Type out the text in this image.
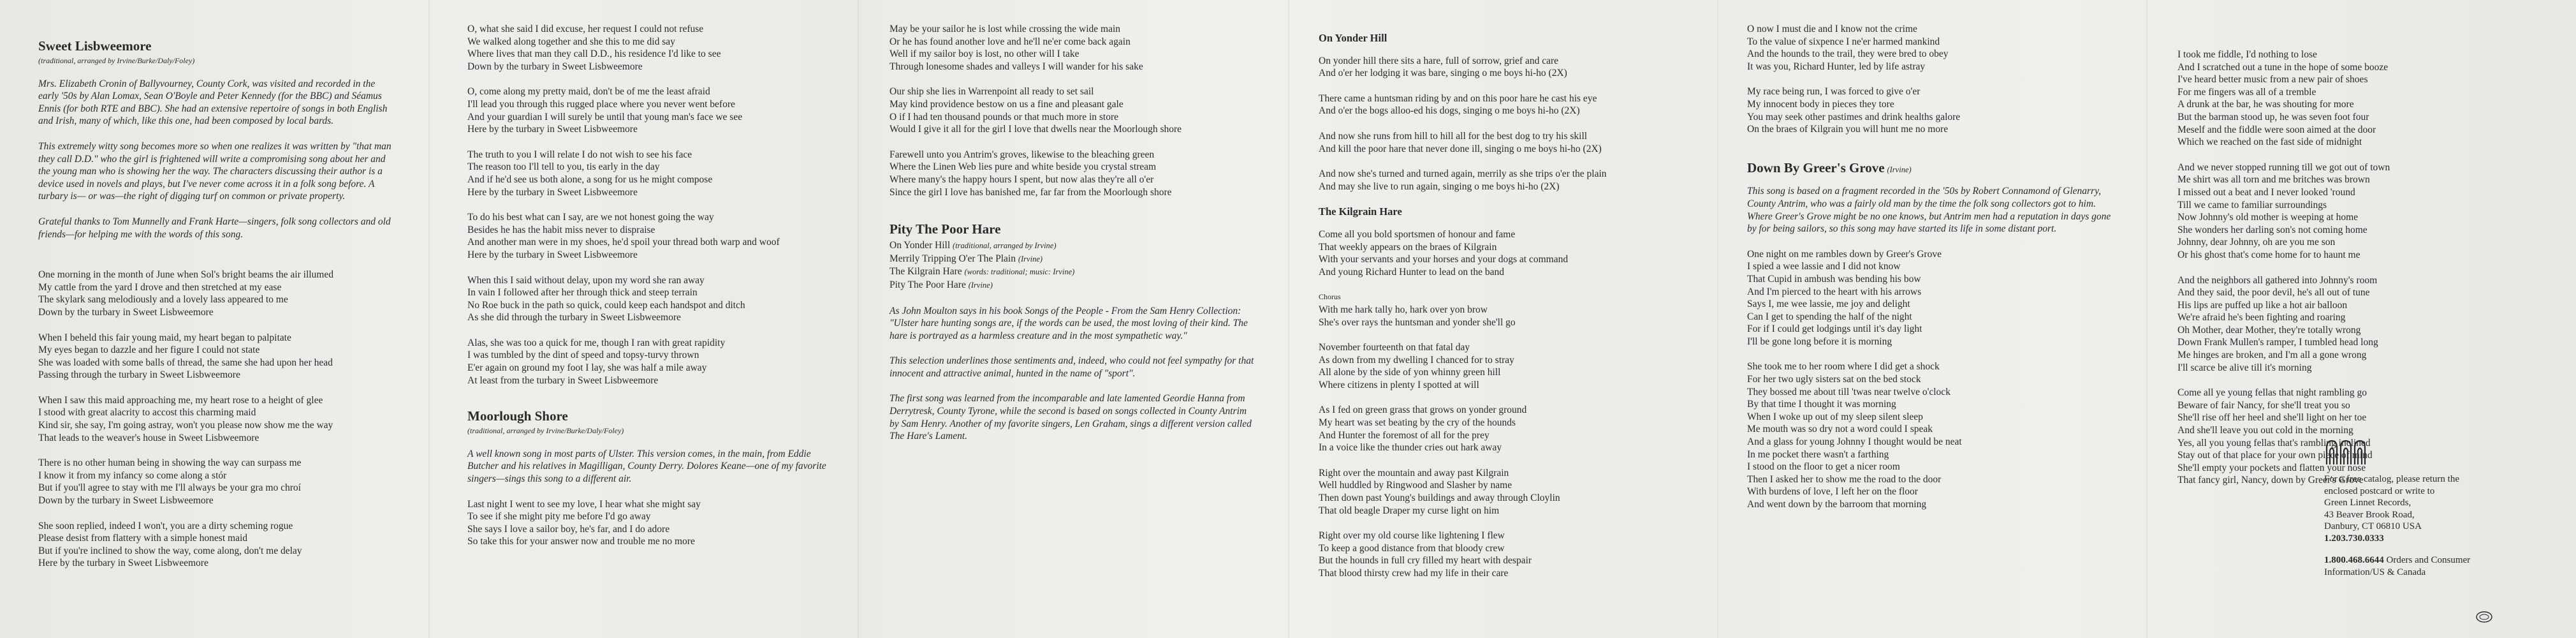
Sweet Lisbweemore
(traditional, arranged by Irvine/Burke/Daly/Foley)

Mrs. Elizabeth Cronin of Ballyvourney, County Cork, was visited and recorded in the early '50s by Alan Lomax, Sean O'Boyle and Peter Kennedy (for the BBC) and Séamus Ennis (for both RTE and BBC). She had an extensive repertoire of songs in both English and Irish, many of which, like this one, had been composed by local bards.

This extremely witty song becomes more so when one realizes it was written by "that man they call D.D." who the girl is frightened will write a compromising song about her and the young man who is showing her the way. The characters discussing their author is a device used in novels and plays, but I've never come across it in a folk song before. A turbary is— or was—the right of digging turf on common or private property.

Grateful thanks to Tom Munnelly and Frank Harte—singers, folk song collectors and old friends—for helping me with the words of this song.

One morning in the month of June when Sol's bright beams the air illumed
My cattle from the yard I drove and then stretched at my ease
The skylark sang melodiously and a lovely lass appeared to me
Down by the turbary in Sweet Lisbweemore

When I beheld this fair young maid, my heart began to palpitate
My eyes began to dazzle and her figure I could not state
She was loaded with some balls of thread, the same she had upon her head
Passing through the turbary in Sweet Lisbweemore

When I saw this maid approaching me, my heart rose to a height of glee
I stood with great alacrity to accost this charming maid
Kind sir, she say, I'm going astray, won't you please now show me the way
That leads to the weaver's house in Sweet Lisbweemore

There is no other human being in showing the way can surpass me
I know it from my infancy so come along a stór
But if you'll agree to stay with me I'll always be your gra mo chroí
Down by the turbary in Sweet Lisbweemore

She soon replied, indeed I won't, you are a dirty scheming rogue
Please desist from flattery with a simple honest maid
But if you're inclined to show the way, come along, don't me delay
Here by the turbary in Sweet Lisbweemore

O, what she said I did excuse, her request I could not refuse
We walked along together and she this to me did say
Where lives that man they call D.D., his residence I'd like to see
Down by the turbary in Sweet Lisbweemore

O, come along my pretty maid, don't be of me the least afraid
I'll lead you through this rugged place where you never went before
And your guardian I will surely be until that young man's face we see
Here by the turbary in Sweet Lisbweemore

The truth to you I will relate I do not wish to see his face
The reason too I'll tell to you, tis early in the day
And if he'd see us both alone, a song for us he might compose
Here by the turbary in Sweet Lisbweemore

To do his best what can I say, are we not honest going the way
Besides he has the habit miss never to dispraise
And another man were in my shoes, he'd spoil your thread both warp and woof
Here by the turbary in Sweet Lisbweemore

When this I said without delay, upon my word she ran away
In vain I followed after her through thick and steep terrain
No Roe buck in the path so quick, could keep each handspot and ditch
As she did through the turbary in Sweet Lisbweemore

Alas, she was too a quick for me, though I ran with great rapidity
I was tumbled by the dint of speed and topsy-turvy thrown
E'er again on ground my foot I lay, she was half a mile away
At least from the turbary in Sweet Lisbweemore

Moorlough Shore
(traditional, arranged by Irvine/Burke/Daly/Foley)

A well known song in most parts of Ulster. This version comes, in the main, from Eddie Butcher and his relatives in Magilligan, County Derry. Dolores Keane—one of my favorite singers—sings this song to a different air.

Last night I went to see my love, I hear what she might say
To see if she might pity me before I'd go away
She says I love a sailor boy, he's far, and I do adore
So take this for your answer now and trouble me no more

May be your sailor he is lost while crossing the wide main
Or he has found another love and he'll ne'er come back again
Well if my sailor boy is lost, no other will I take
Through lonesome shades and valleys I will wander for his sake

Our ship she lies in Warrenpoint all ready to set sail
May kind providence bestow on us a fine and pleasant gale
O if I had ten thousand pounds or that much more in store
Would I give it all for the girl I love that dwells near the Moorlough shore

Farewell unto you Antrim's groves, likewise to the bleaching green
Where the Linen Web lies pure and white beside you crystal stream
Where many's the happy hours I spent, but now alas they're all o'er
Since the girl I love has banished me, far far from the Moorlough shore

Pity The Poor Hare
On Yonder Hill (traditional, arranged by Irvine)
Merrily Tripping O'er The Plain (Irvine)
The Kilgrain Hare (words: traditional; music: Irvine)
Pity The Poor Hare (Irvine)

As John Moulton says in his book Songs of the People - From the Sam Henry Collection: "Ulster hare hunting songs are, if the words can be used, the most loving of their kind. The hare is portrayed as a harmless creature and in the most sympathetic way."

This selection underlines those sentiments and, indeed, who could not feel sympathy for that innocent and attractive animal, hunted in the name of "sport".

The first song was learned from the incomparable and late lamented Geordie Hanna from Derrytresk, County Tyrone, while the second is based on songs collected in County Antrim by Sam Henry. Another of my favorite singers, Len Graham, sings a different version called The Hare's Lament.

On Yonder Hill

On yonder hill there sits a hare, full of sorrow, grief and care
And o'er her lodging it was bare, singing o me boys hi-ho (2X)

There came a huntsman riding by and on this poor hare he cast his eye
And o'er the bogs alloo-ed his dogs, singing o me boys hi-ho (2X)

And now she runs from hill to hill all for the best dog to try his skill
And kill the poor hare that never done ill, singing o me boys hi-ho (2X)

And now she's turned and turned again, merrily as she trips o'er the plain
And may she live to run again, singing o me boys hi-ho (2X)

The Kilgrain Hare

Come all you bold sportsmen of honour and fame
That weekly appears on the braes of Kilgrain
With your servants and your horses and your dogs at command
And young Richard Hunter to lead on the band

Chorus

With me hark tally ho, hark over yon brow
She's over rays the huntsman and yonder she'll go

November fourteenth on that fatal day
As down from my dwelling I chanced for to stray
All alone by the side of yon whinny green hill
Where citizens in plenty I spotted at will

As I fed on green grass that grows on yonder ground
My heart was set beating by the cry of the hounds
And Hunter the foremost of all for the prey
In a voice like the thunder cries out hark away

Right over the mountain and away past Kilgrain
Well huddled by Ringwood and Slasher by name
Then down past Young's buildings and away through Cloylin
That old beagle Draper my curse light on him

Right over my old course like lightening I flew
To keep a good distance from that bloody crew
But the hounds in full cry filled my heart with despair
That blood thirsty crew had my life in their care

O now I must die and I know not the crime
To the value of sixpence I ne'er harmed mankind
And the hounds to the trail, they were bred to obey
It was you, Richard Hunter, led by life astray

My race being run, I was forced to give o'er
My innocent body in pieces they tore
You may seek other pastimes and drink healths galore
On the braes of Kilgrain you will hunt me no more

Down By Greer's Grove (Irvine)

This song is based on a fragment recorded in the '50s by Robert Connamond of Glenarry, County Antrim, who was a fairly old man by the time the folk song collectors got to him. Where Greer's Grove might be no one knows, but Antrim men had a reputation in days gone by for being sailors, so this song may have started its life in some distant port.

One night on me rambles down by Greer's Grove
I spied a wee lassie and I did not know
That Cupid in ambush was bending his bow
And I'm pierced to the heart with his arrows
Says I, me wee lassie, me joy and delight
Can I get to spending the half of the night
For if I could get lodgings until it's day light
I'll be gone long before it is morning

She took me to her room where I did get a shock
For her two ugly sisters sat on the bed stock
They bossed me about till 'twas near twelve o'clock
By that time I thought it was morning
When I woke up out of my sleep silent sleep
Me mouth was so dry not a word could I speak
And a glass for young Johnny I thought would be neat
In me pocket there wasn't a farthing
I stood on the floor to get a nicer room
Then I asked her to show me the road to the door
With burdens of love, I left her on the floor
And went down by the barroom that morning

I took me fiddle, I'd nothing to lose
And I scratched out a tune in the hope of some booze
I've heard better music from a new pair of shoes
For me fingers was all of a tremble
A drunk at the bar, he was shouting for more
But the barman stood up, he was seven foot four
Meself and the fiddle were soon aimed at the door
Which we reached on the fast side of midnight

And we never stopped running till we got out of town
Me shirt was all torn and me britches was brown
I missed out a beat and I never looked 'round
Till we came to familiar surroundings
Now Johnny's old mother is weeping at home
She wonders her darling son's not coming home
Johnny, dear Johnny, oh are you me son
Or his ghost that's come home for to haunt me

And the neighbors all gathered into Johnny's room
And they said, the poor devil, he's all out of tune
His lips are puffed up like a hot air balloon
We're afraid he's been fighting and roaring
Oh Mother, dear Mother, they're totally wrong
Down Frank Mullen's ramper, I tumbled head long
Me hinges are broken, and I'm all a gone wrong
I'll scarce be alive till it's morning

Come all ye young fellas that night rambling go
Beware of fair Nancy, for she'll treat you so
She'll rise off her heel and she'll light on her toe
And she'll leave you out cold in the morning
Yes, all you young fellas that's rambling inclined
Stay out of that place for your own piece of mind
She'll empty your pockets and flatten your nose
That fancy girl, Nancy, down by Greer's Grove

For a free catalog, please return the

enclosed postcard or write to

Green Linnet Records,

43 Beaver Brook Road,

Danbury, CT 06810 USA

1.203.730.0333

1.800.468.6644 Orders and Consumer

Information/US & Canada
